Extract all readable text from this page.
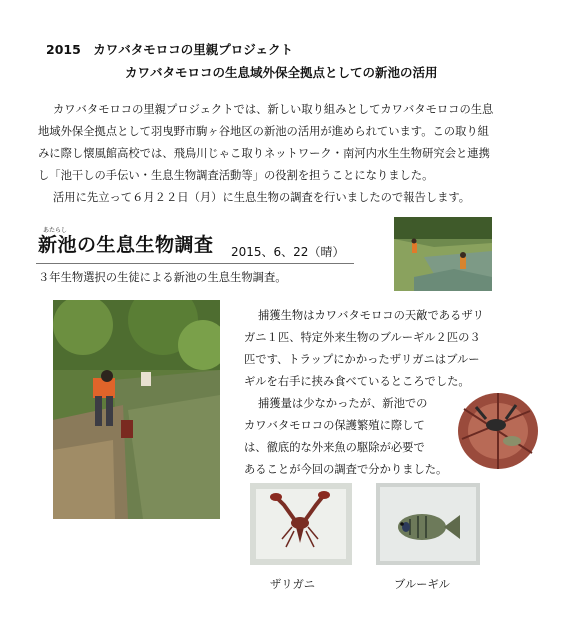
2015　カワバタモロコの里親プロジェクト
カワバタモロコの生息域外保全拠点としての新池の活用
カワバタモロコの里親プロジェクトでは、新しい取り組みとしてカワバタモロコの生息
地域外保全拠点として羽曳野市駒ヶ谷地区の新池の活用が進められています。この取り組
みに際し懐風館高校では、飛鳥川じゃこ取りネットワーク・南河内水生生物研究会と連携
し「池干しの手伝い・生息生物調査活動等」の役割を担うことになりました。
活用に先立って６月２２日（月）に生息生物の調査を行いましたので報告します。
あたらし
新池の生息生物調査 2015、6、22（晴）
３年生物選択の生徒による新池の生息生物調査。
捕獲生物はカワバタモロコの天敵であるザリ
ガニ１匹、特定外来生物のブルーギル２匹の３
匹です、トラップにかかったザリガニはブルー
ギルを右手に挟み食べているところでした。
捕獲量は少なかったが、新池での
カワバタモロコの保護繁殖に際して
は、徹底的な外来魚の駆除が必要で
あることが今回の調査で分かりました。
ザリガニ	ブルーギル
